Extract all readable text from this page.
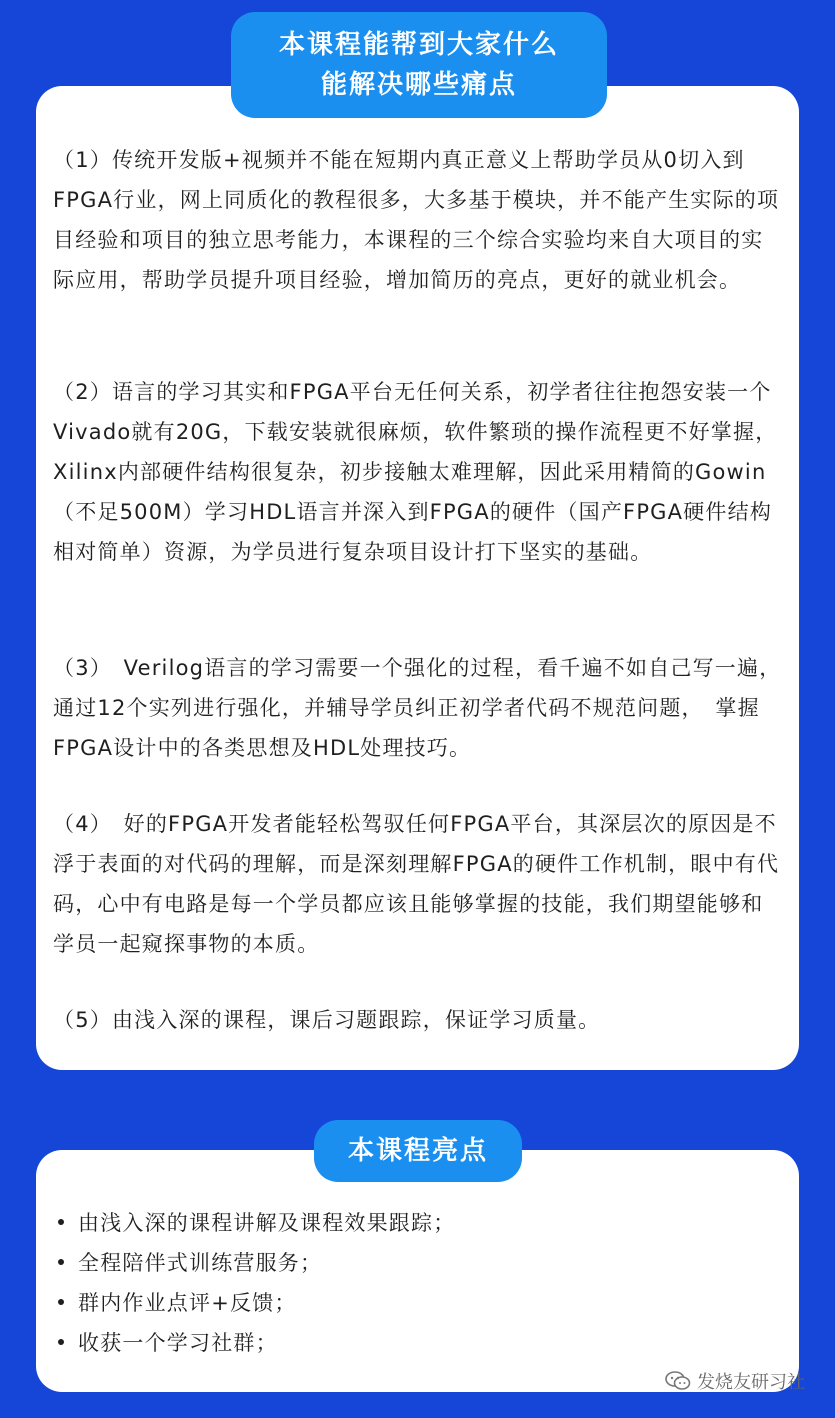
本课程能帮到大家什么
能解决哪些痛点
（1）传统开发版+视频并不能在短期内真正意义上帮助学员从0切入到FPGA行业，网上同质化的教程很多，大多基于模块，并不能产生实际的项目经验和项目的独立思考能力，本课程的三个综合实验均来自大项目的实际应用，帮助学员提升项目经验，增加简历的亮点，更好的就业机会。
（2）语言的学习其实和FPGA平台无任何关系，初学者往往抱怨安装一个Vivado就有20G，下载安装就很麻烦，软件繁琐的操作流程更不好掌握，Xilinx内部硬件结构很复杂，初步接触太难理解，因此采用精简的Gowin（不足500M）学习HDL语言并深入到FPGA的硬件（国产FPGA硬件结构相对简单）资源，为学员进行复杂项目设计打下坚实的基础。
（3）　Verilog语言的学习需要一个强化的过程，看千遍不如自己写一遍，通过12个实列进行强化，并辅导学员纠正初学者代码不规范问题，　掌握FPGA设计中的各类思想及HDL处理技巧。
（4）　好的FPGA开发者能轻松驾驭任何FPGA平台，其深层次的原因是不浮于表面的对代码的理解，而是深刻理解FPGA的硬件工作机制，眼中有代码，心中有电路是每一个学员都应该且能够掌握的技能，我们期望能够和学员一起窥探事物的本质。
（5）由浅入深的课程，课后习题跟踪，保证学习质量。
本课程亮点
由浅入深的课程讲解及课程效果跟踪；
全程陪伴式训练营服务；
群内作业点评+反馈；
收获一个学习社群；
发烧友研习社
